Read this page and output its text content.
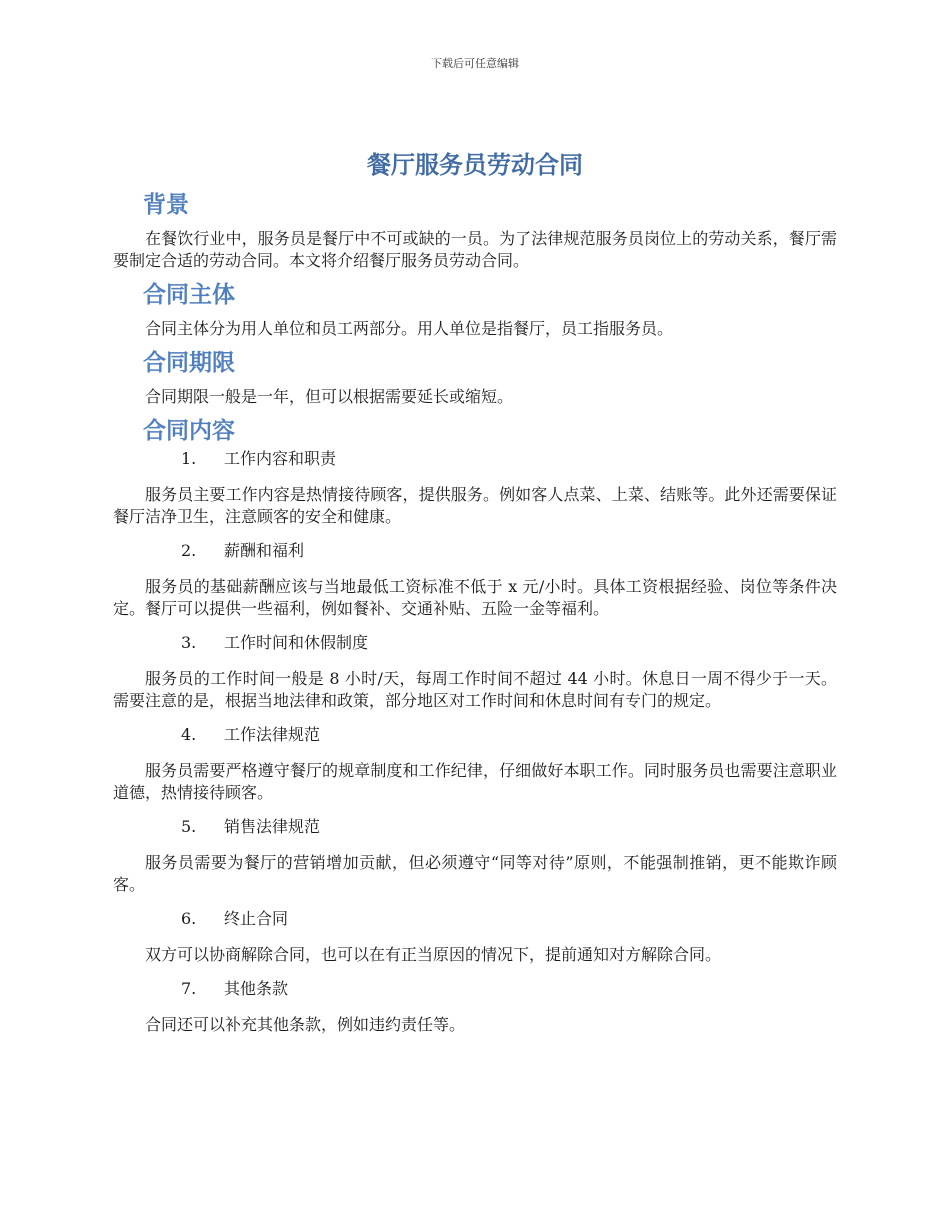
下载后可任意编辑
餐厅服务员劳动合同
背景

在餐饮行业中，服务员是餐厅中不可或缺的一员。为了法律规范服务员岗位上的劳动关系，餐厅需要制定合适的劳动合同。本文将介绍餐厅服务员劳动合同。

合同主体

合同主体分为用人单位和员工两部分。用人单位是指餐厅，员工指服务员。

合同期限

合同期限一般是一年，但可以根据需要延长或缩短。

合同内容
1.	工作内容和职责

服务员主要工作内容是热情接待顾客，提供服务。例如客人点菜、上菜、结账等。此外还需要保证餐厅洁净卫生，注意顾客的安全和健康。

2.	薪酬和福利

服务员的基础薪酬应该与当地最低工资标准不低于 x 元/小时。具体工资根据经验、岗位等条件决定。餐厅可以提供一些福利，例如餐补、交通补贴、五险一金等福利。

3.	工作时间和休假制度

服务员的工作时间一般是 8 小时/天，每周工作时间不超过 44 小时。休息日一周不得少于一天。需要注意的是，根据当地法律和政策，部分地区对工作时间和休息时间有专门的规定。

4.	工作法律规范

服务员需要严格遵守餐厅的规章制度和工作纪律，仔细做好本职工作。同时服务员也需要注意职业道德，热情接待顾客。

5.	销售法律规范

服务员需要为餐厅的营销增加贡献，但必须遵守“同等对待”原则，不能强制推销，更不能欺诈顾客。

6.	终止合同

双方可以协商解除合同，也可以在有正当原因的情况下，提前通知对方解除合同。

7.	其他条款

合同还可以补充其他条款，例如违约责任等。
